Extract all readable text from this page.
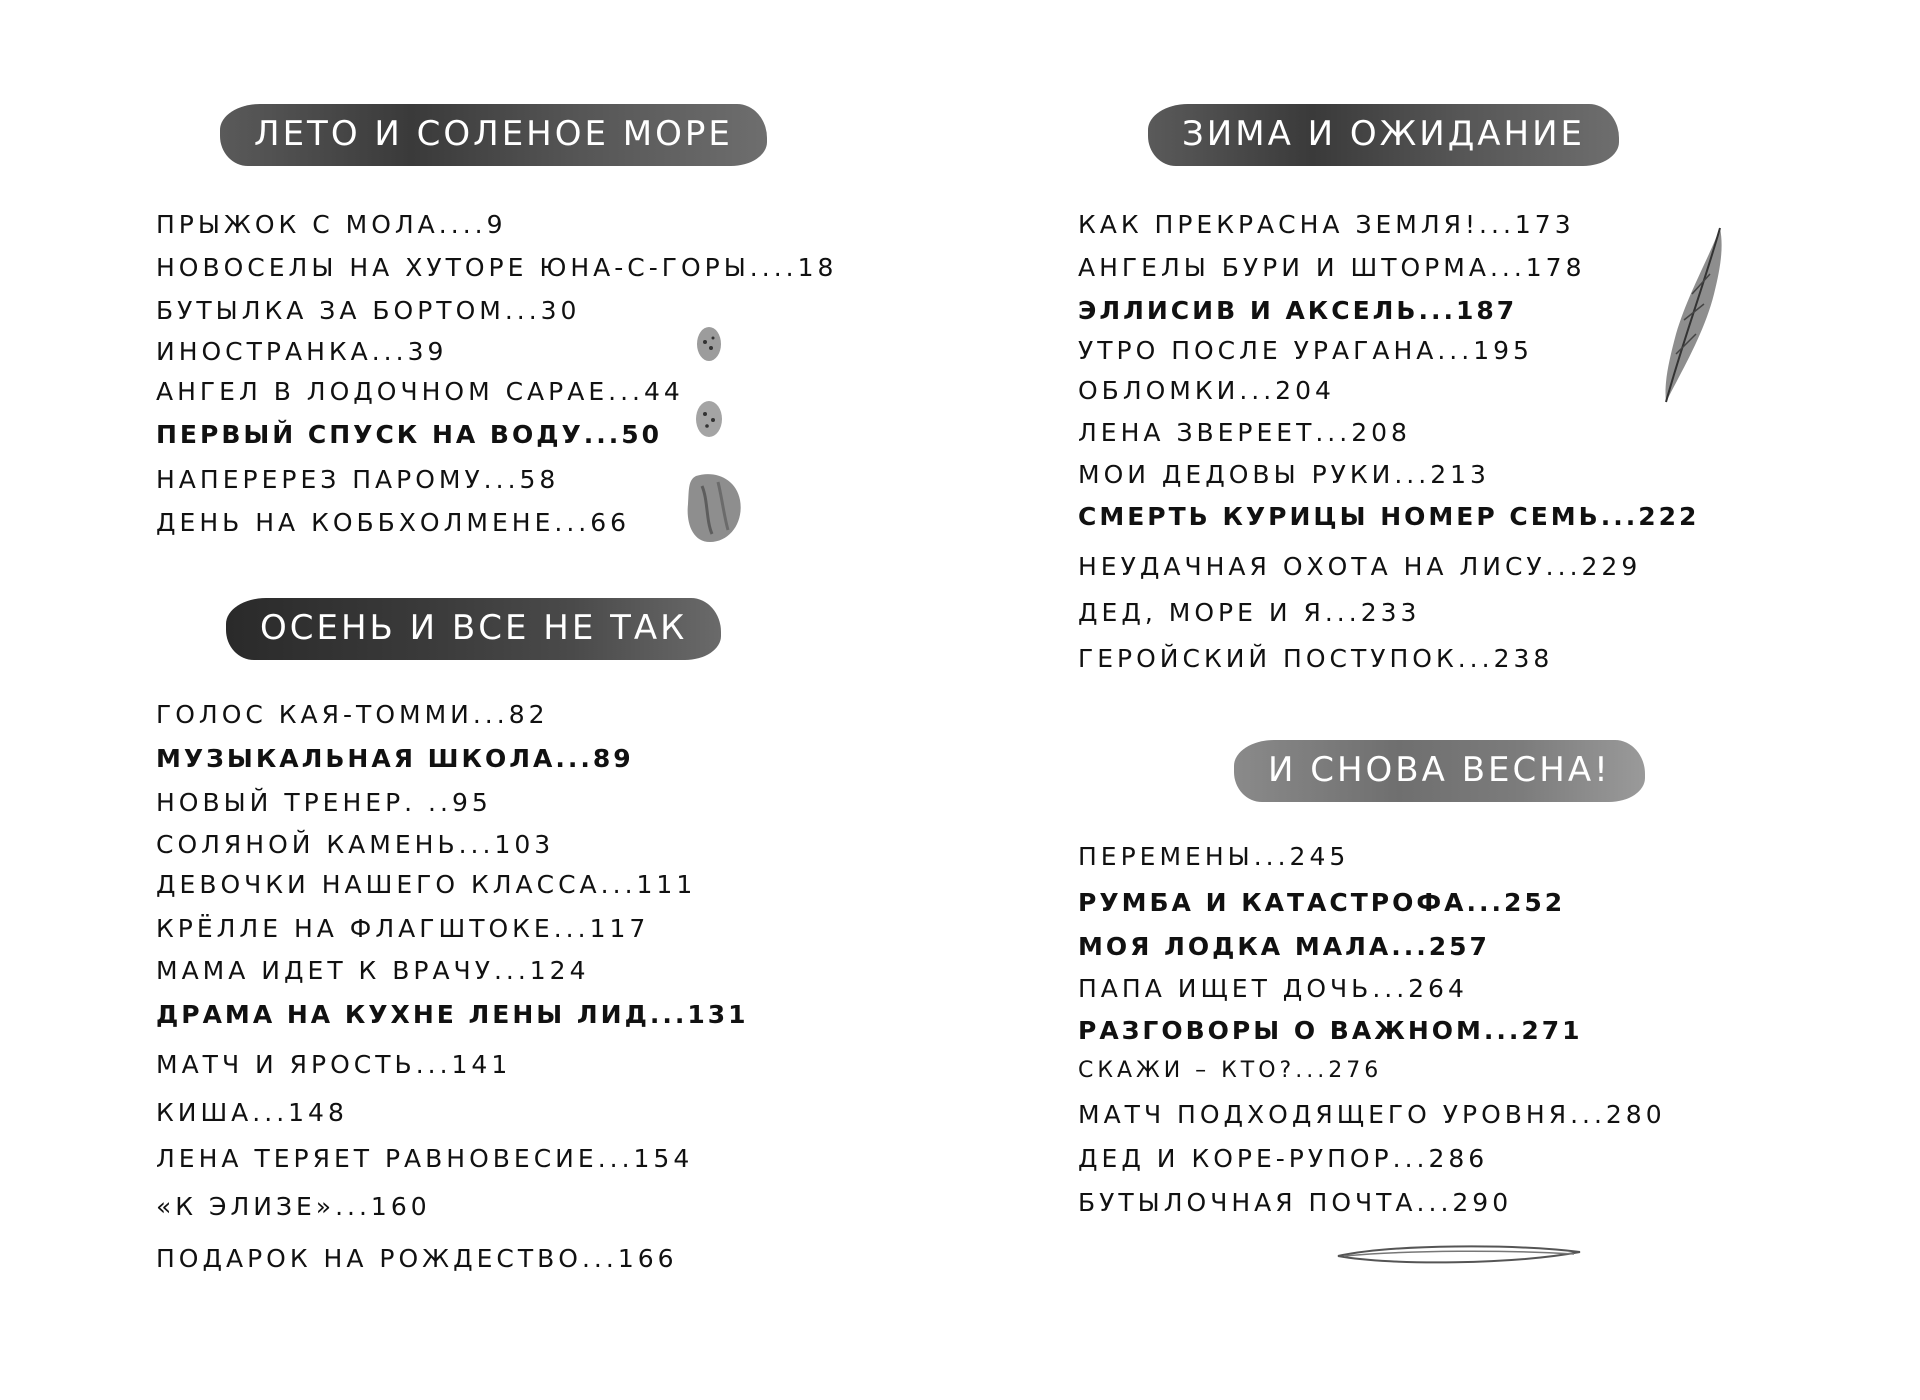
ЛЕТО И СОЛЕНОЕ МОРЕ
ПРЫЖОК С МОЛА....9
НОВОСЕЛЫ НА ХУТОРЕ ЮНА-С-ГОРЫ....18
БУТЫЛКА ЗА БОРТОМ...30
ИНОСТРАНКА...39
АНГЕЛ В ЛОДОЧНОМ САРАЕ...44
ПЕРВЫЙ СПУСК НА ВОДУ...50
НАПЕРЕРЕЗ ПАРОМУ...58
ДЕНЬ НА КОББХОЛМЕНЕ...66
ОСЕНЬ И ВСЕ НЕ ТАК
ГОЛОС КАЯ-ТОММИ...82
МУЗЫКАЛЬНАЯ ШКОЛА...89
НОВЫЙ ТРЕНЕР. ..95
СОЛЯНОЙ КАМЕНЬ...103
ДЕВОЧКИ НАШЕГО КЛАССА...111
КРЁЛЛЕ НА ФЛАГШТОКЕ...117
МАМА ИДЕТ К ВРАЧУ...124
ДРАМА НА КУХНЕ ЛЕНЫ ЛИД...131
МАТЧ И ЯРОСТЬ...141
КИША...148
ЛЕНА ТЕРЯЕТ РАВНОВЕСИЕ...154
«К ЭЛИЗЕ»...160
ПОДАРОК НА РОЖДЕСТВО...166
ЗИМА И ОЖИДАНИЕ
КАК ПРЕКРАСНА ЗЕМЛЯ!...173
АНГЕЛЫ БУРИ И ШТОРМА...178
ЭЛЛИСИВ И АКСЕЛЬ...187
УТРО ПОСЛЕ УРАГАНА...195
ОБЛОМКИ...204
ЛЕНА ЗВЕРЕЕТ...208
МОИ ДЕДОВЫ РУКИ...213
СМЕРТЬ КУРИЦЫ НОМЕР СЕМЬ...222
НЕУДАЧНАЯ ОХОТА НА ЛИСУ...229
ДЕД, МОРЕ И Я...233
ГЕРОЙСКИЙ ПОСТУПОК...238
И СНОВА ВЕСНА!
ПЕРЕМЕНЫ...245
РУМБА И КАТАСТРОФА...252
МОЯ ЛОДКА МАЛА...257
ПАПА ИЩЕТ ДОЧЬ...264
РАЗГОВОРЫ О ВАЖНОМ...271
СКАЖИ – КТО?...276
МАТЧ ПОДХОДЯЩЕГО УРОВНЯ...280
ДЕД И КОРЕ-РУПОР...286
БУТЫЛОЧНАЯ ПОЧТА...290
